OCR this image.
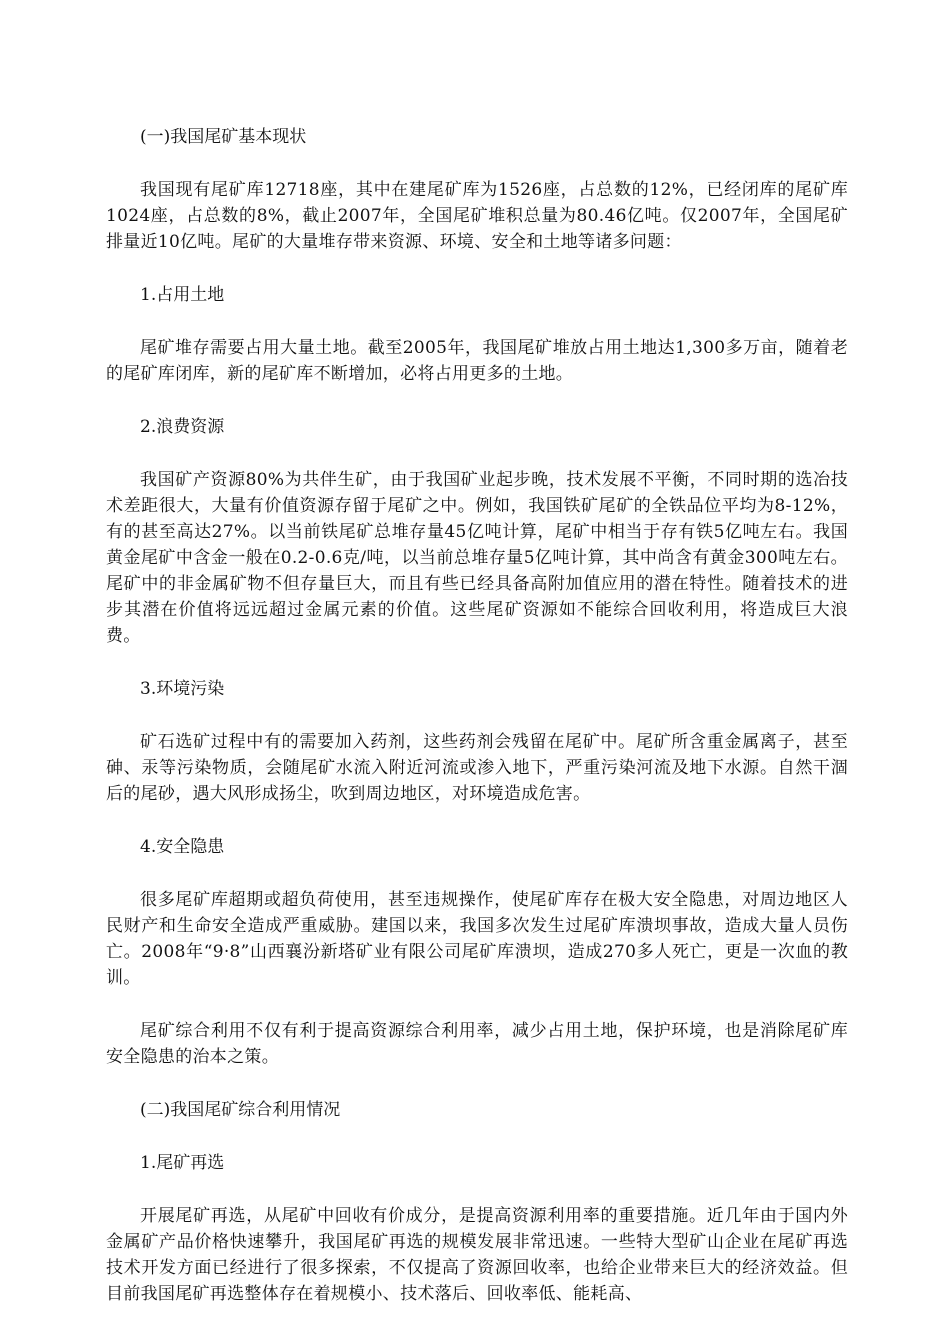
(一)我国尾矿基本现状

我国现有尾矿库12718座，其中在建尾矿库为1526座，占总数的12%，已经闭库的尾矿库1024座，占总数的8%，截止2007年，全国尾矿堆积总量为80.46亿吨。仅2007年，全国尾矿排量近10亿吨。尾矿的大量堆存带来资源、环境、安全和土地等诸多问题：

1.占用土地

尾矿堆存需要占用大量土地。截至2005年，我国尾矿堆放占用土地达1,300多万亩，随着老的尾矿库闭库，新的尾矿库不断增加，必将占用更多的土地。

2.浪费资源

我国矿产资源80%为共伴生矿，由于我国矿业起步晚，技术发展不平衡，不同时期的选冶技术差距很大，大量有价值资源存留于尾矿之中。例如，我国铁矿尾矿的全铁品位平均为8-12%，有的甚至高达27%。以当前铁尾矿总堆存量45亿吨计算，尾矿中相当于存有铁5亿吨左右。我国黄金尾矿中含金一般在0.2-0.6克/吨，以当前总堆存量5亿吨计算，其中尚含有黄金300吨左右。尾矿中的非金属矿物不但存量巨大，而且有些已经具备高附加值应用的潜在特性。随着技术的进步其潜在价值将远远超过金属元素的价值。这些尾矿资源如不能综合回收利用，将造成巨大浪费。

3.环境污染

矿石选矿过程中有的需要加入药剂，这些药剂会残留在尾矿中。尾矿所含重金属离子，甚至砷、汞等污染物质，会随尾矿水流入附近河流或渗入地下，严重污染河流及地下水源。自然干涸后的尾砂，遇大风形成扬尘，吹到周边地区，对环境造成危害。

4.安全隐患

很多尾矿库超期或超负荷使用，甚至违规操作，使尾矿库存在极大安全隐患，对周边地区人民财产和生命安全造成严重威胁。建国以来，我国多次发生过尾矿库溃坝事故，造成大量人员伤亡。2008年“9·8”山西襄汾新塔矿业有限公司尾矿库溃坝，造成270多人死亡，更是一次血的教训。

尾矿综合利用不仅有利于提高资源综合利用率，减少占用土地，保护环境，也是消除尾矿库安全隐患的治本之策。

(二)我国尾矿综合利用情况
1.尾矿再选

开展尾矿再选，从尾矿中回收有价成分，是提高资源利用率的重要措施。近几年由于国内外金属矿产品价格快速攀升，我国尾矿再选的规模发展非常迅速。一些特大型矿山企业在尾矿再选技术开发方面已经进行了很多探索，不仅提高了资源回收率，也给企业带来巨大的经济效益。但目前我国尾矿再选整体存在着规模小、技术落后、回收率低、能耗高、
